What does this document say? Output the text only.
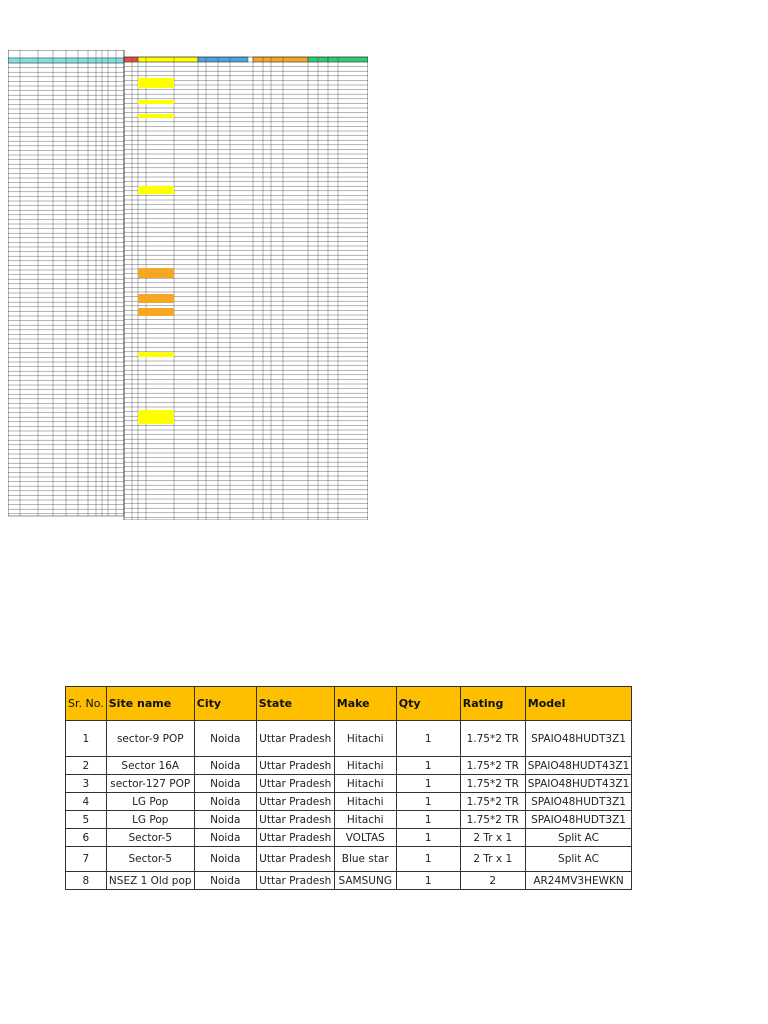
Sr. No.	Site name	City	State	Make	Qty	Rating	Model
1	sector-9 POP	Noida	Uttar Pradesh	Hitachi	1	1.75*2 TR	SPAIO48HUDT3Z1
2	Sector 16A	Noida	Uttar Pradesh	Hitachi	1	1.75*2 TR	SPAIO48HUDT43Z1
3	sector-127 POP	Noida	Uttar Pradesh	Hitachi	1	1.75*2 TR	SPAIO48HUDT43Z1
4	LG Pop	Noida	Uttar Pradesh	Hitachi	1	1.75*2 TR	SPAIO48HUDT3Z1
5	LG Pop	Noida	Uttar Pradesh	Hitachi	1	1.75*2 TR	SPAIO48HUDT3Z1
6	Sector-5	Noida	Uttar Pradesh	VOLTAS	1	2 Tr x 1	Split AC
7	Sector-5	Noida	Uttar Pradesh	Blue star	1	2 Tr x 1	Split AC
8	NSEZ 1 Old pop	Noida	Uttar Pradesh	SAMSUNG	1	2	AR24MV3HEWKN
